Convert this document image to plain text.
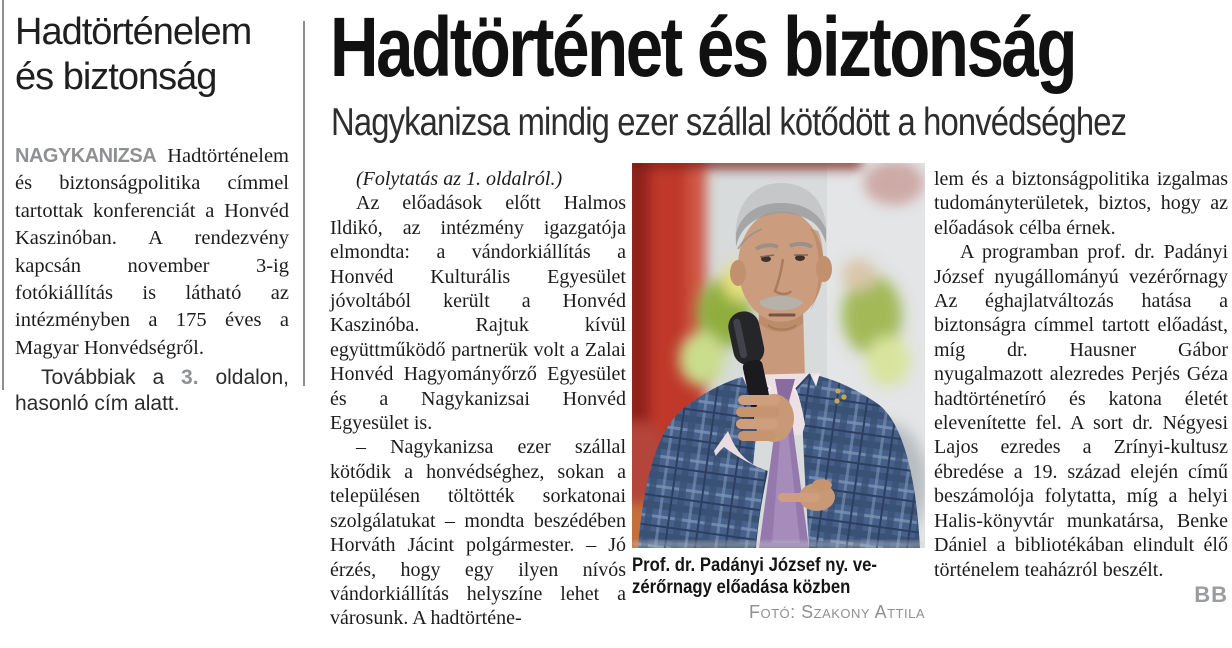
Hadtörténelem és biztonság

NAGYKANIZSA Hadtörténelem és biztonságpolitika címmel tartottak konferenciát a Honvéd Kaszinóban. A rendezvény kapcsán november 3-ig fotókiállítás is látható az intézményben a 175 éves a Magyar Honvédségről.

Továbbiak a 3. oldalon, hasonló cím alatt.

Hadtörténet és biztonság
Nagykanizsa mindig ezer szállal kötődött a honvédséghez

(Folytatás az 1. oldalról.)

Az előadások előtt Halmos Ildikó, az intézmény igazgatója elmondta: a vándorkiállítás a Honvéd Kulturális Egyesület jóvoltából került a Honvéd Kaszinóba. Rajtuk kívül együttműködő partnerük volt a Zalai Honvéd Hagyományőrző Egyesület és a Nagykanizsai Honvéd Egyesület is.

– Nagykanizsa ezer szállal kötődik a honvédséghez, sokan a településen töltötték sorkatonai szolgálatukat – mondta beszédében Horváth Jácint polgármester. – Jó érzés, hogy egy ilyen nívós vándorkiállítás helyszíne lehet a városunk. A hadtörténe-

Prof. dr. Padányi József ny. ve-
zérőrnagy előadása közben
Fotó: Szakony Attila

lem és a biztonságpolitika izgalmas tudományterületek, biztos, hogy az előadások célba érnek.

A programban prof. dr. Padányi József nyugállományú vezérőrnagy Az éghajlatváltozás hatása a biztonságra címmel tartott előadást, míg dr. Hausner Gábor nyugalmazott alezredes Perjés Géza hadtörténetíró és katona életét elevenítette fel. A sort dr. Négyesi Lajos ezredes a Zrínyi-kultusz ébredése a 19. század elején című beszámolója folytatta, míg a helyi Halis-könyvtár munkatársa, Benke Dániel a bibliotékában elindult élő történelem teaházról beszélt.

BB
